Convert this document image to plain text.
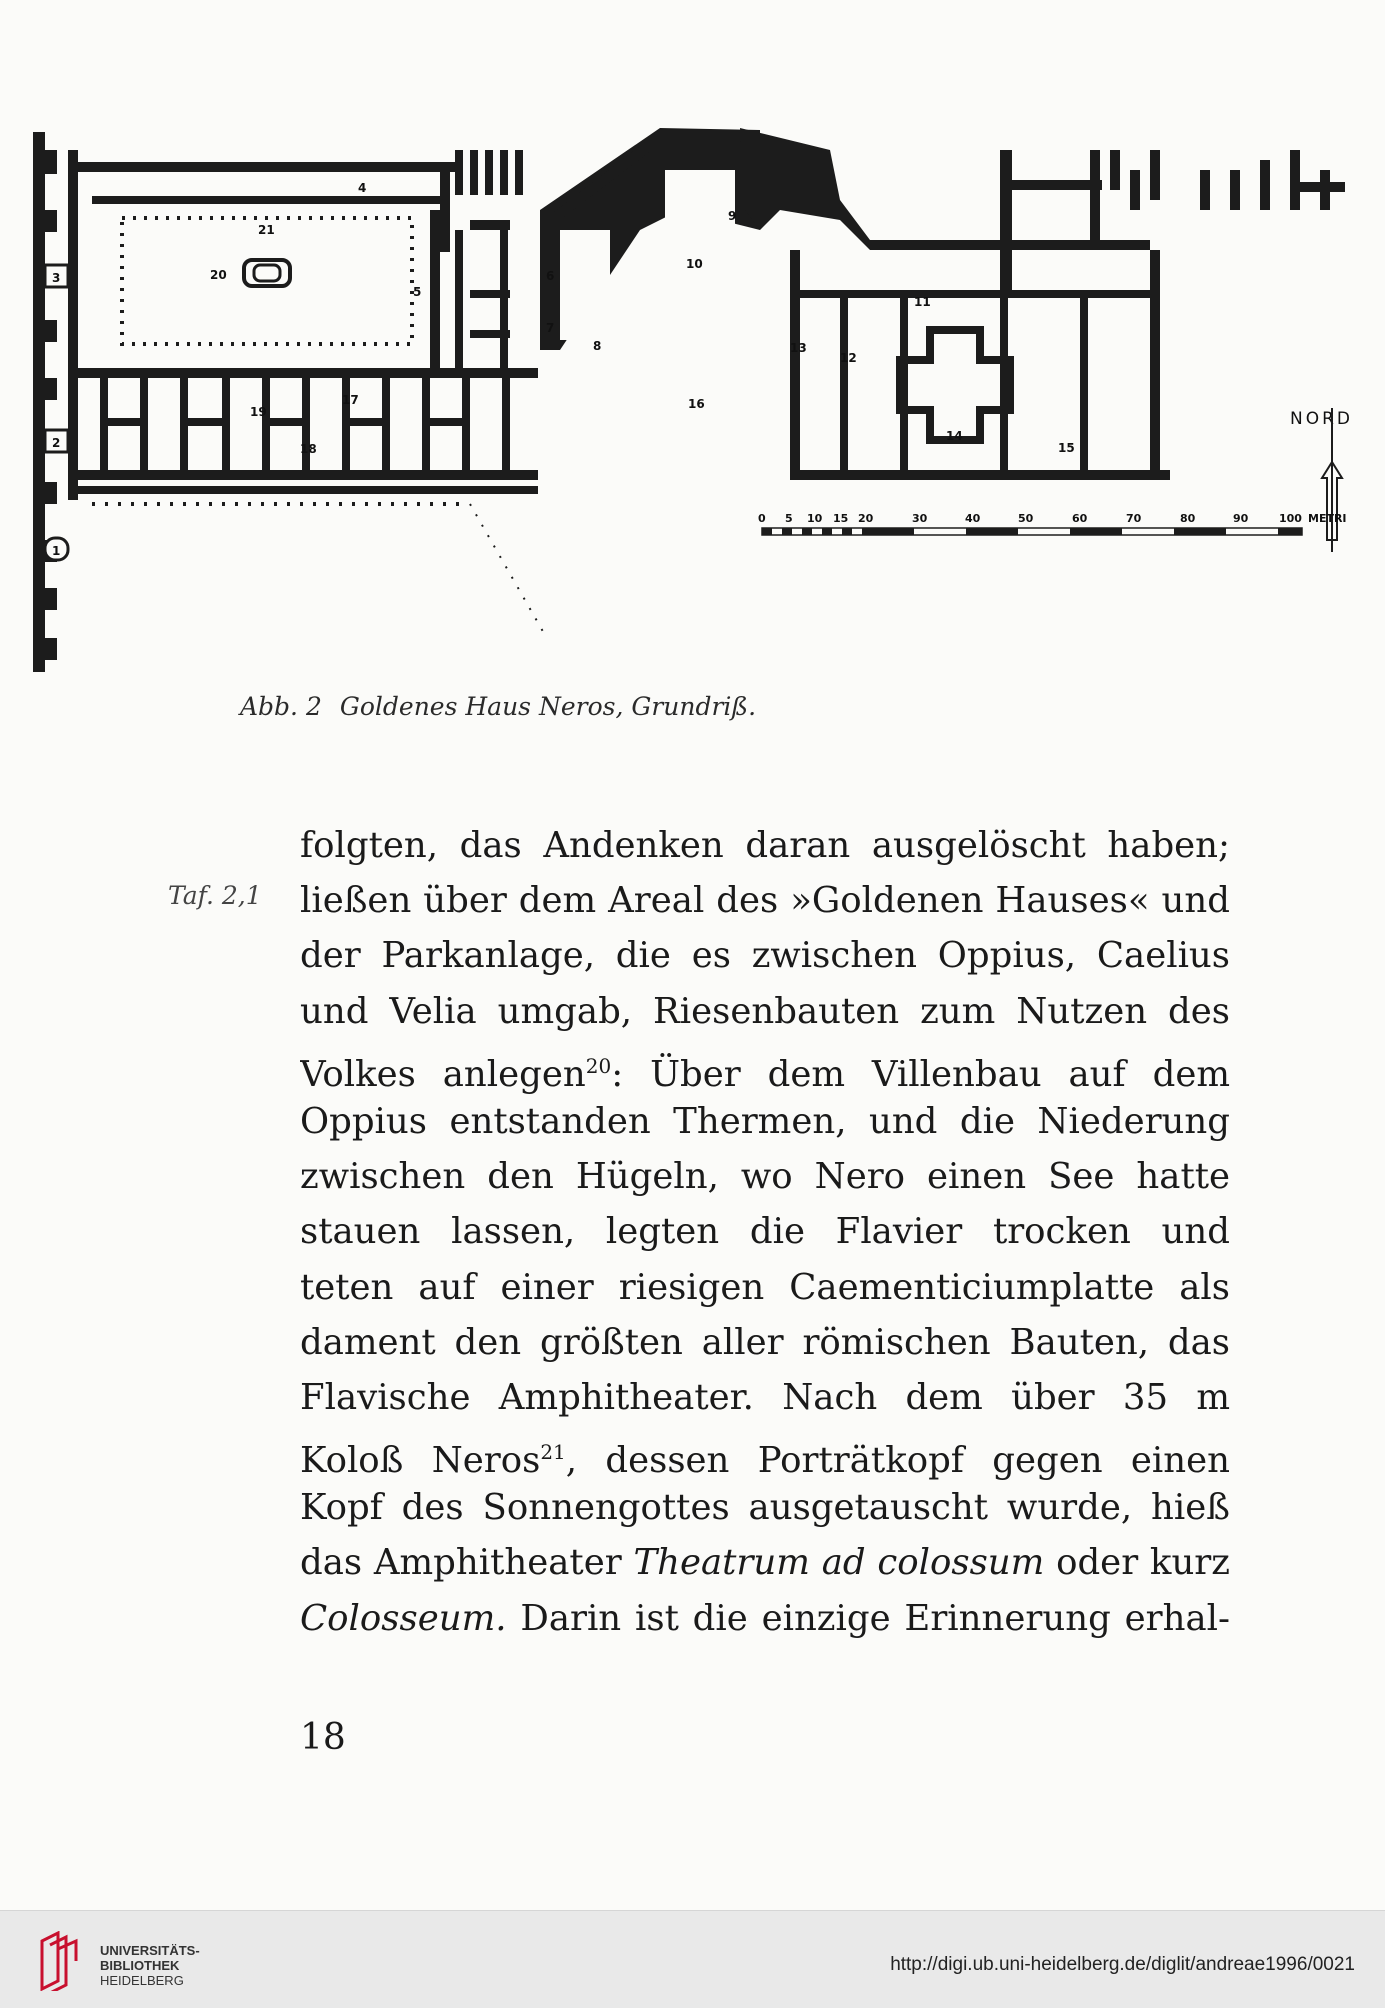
1
2
3
4
5
6
7
8
9
10
11
12
13
14
15
16
17
18
19
20
21
NORD
0 5 10 15 20	30	40	50	60	70	80	90	100 METRI
Abb. 2 Goldenes Haus Neros, Grundriß.
Taf. 2,1
folgten, das Andenken daran ausgelöscht haben;
ließen über dem Areal des »Goldenen Hauses« und
der Parkanlage, die es zwischen Oppius, Caelius
und Velia umgab, Riesenbauten zum Nutzen des
Volkes anlegen$^{20}$: Über dem Villenbau auf dem
Oppius entstanden Thermen, und die Niederung
zwischen den Hügeln, wo Nero einen See hatte
stauen lassen, legten die Flavier trocken und
teten auf einer riesigen Caementiciumplatte als
dament den größten aller römischen Bauten, das
Flavische Amphitheater. Nach dem über 35 m
Koloß Neros$^{21}$, dessen Porträtkopf gegen einen
Kopf des Sonnengottes ausgetauscht wurde, hieß
das Amphitheater Theatrum ad colossum oder kurz
Colosseum. Darin ist die einzige Erinnerung erhal-
18
UNIVERSITÄTS-
BIBLIOTHEK
HEIDELBERG
http://digi.ub.uni-heidelberg.de/diglit/andreae1996/0021
